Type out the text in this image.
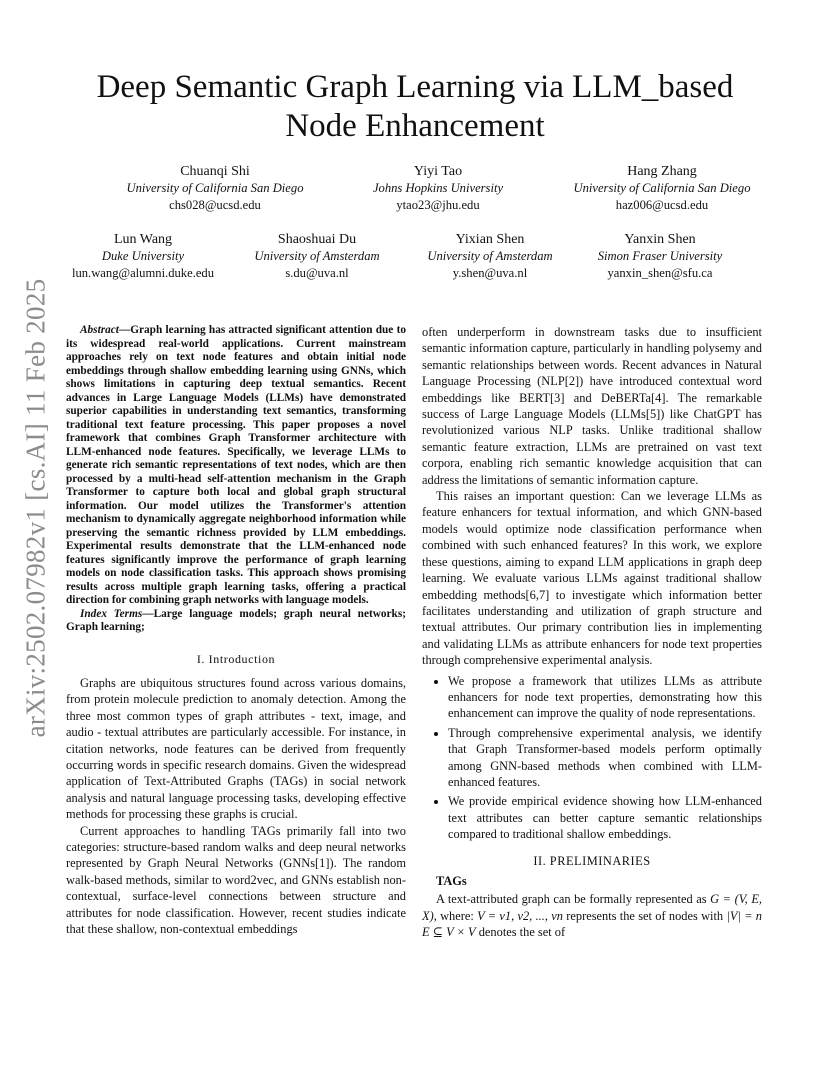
arXiv:2502.07982v1 [cs.AI] 11 Feb 2025
Deep Semantic Graph Learning via LLM_based
Node Enhancement
Chuanqi Shi
University of California San Diego
chs028@ucsd.edu
Yiyi Tao
Johns Hopkins University
ytao23@jhu.edu
Hang Zhang
University of California San Diego
haz006@ucsd.edu
Lun Wang
Duke University
lun.wang@alumni.duke.edu
Shaoshuai Du
University of Amsterdam
s.du@uva.nl
Yixian Shen
University of Amsterdam
y.shen@uva.nl
Yanxin Shen
Simon Fraser University
yanxin_shen@sfu.ca

Abstract—Graph learning has attracted significant attention due to its widespread real-world applications. Current mainstream approaches rely on text node features and obtain initial node embeddings through shallow embedding learning using GNNs, which shows limitations in capturing deep textual semantics. Recent advances in Large Language Models (LLMs) have demonstrated superior capabilities in understanding text semantics, transforming traditional text feature processing. This paper proposes a novel framework that combines Graph Transformer architecture with LLM-enhanced node features. Specifically, we leverage LLMs to generate rich semantic representations of text nodes, which are then processed by a multi-head self-attention mechanism in the Graph Transformer to capture both local and global graph structural information. Our model utilizes the Transformer's attention mechanism to dynamically aggregate neighborhood information while preserving the semantic richness provided by LLM embeddings. Experimental results demonstrate that the LLM-enhanced node features significantly improve the performance of graph learning models on node classification tasks. This approach shows promising results across multiple graph learning tasks, offering a practical direction for combining graph networks with language models.

Index Terms—Large language models; graph neural networks; Graph learning;

I. Introduction

Graphs are ubiquitous structures found across various domains, from protein molecule prediction to anomaly detection. Among the three most common types of graph attributes - text, image, and audio - textual attributes are particularly accessible. For instance, in citation networks, node features can be derived from frequently occurring words in specific research domains. Given the widespread application of Text-Attributed Graphs (TAGs) in social network analysis and natural language processing tasks, developing effective methods for processing these graphs is crucial.

Current approaches to handling TAGs primarily fall into two categories: structure-based random walks and deep neural networks represented by Graph Neural Networks (GNNs[1]). The random walk-based methods, similar to word2vec, and GNNs establish non-contextual, surface-level connections between structure and attributes for node classification. However, recent studies indicate that these shallow, non-contextual embeddings

often underperform in downstream tasks due to insufficient semantic information capture, particularly in handling polysemy and semantic relationships between words. Recent advances in Natural Language Processing (NLP[2]) have introduced contextual word embeddings like BERT[3] and DeBERTa[4]. The remarkable success of Large Language Models (LLMs[5]) like ChatGPT has revolutionized various NLP tasks. Unlike traditional shallow semantic feature extraction, LLMs are pretrained on vast text corpora, enabling rich semantic knowledge acquisition that can address the limitations of semantic information capture.

This raises an important question: Can we leverage LLMs as feature enhancers for textual information, and which GNN-based models would optimize node classification performance when combined with such enhanced features? In this work, we explore these questions, aiming to expand LLM applications in graph deep learning. We evaluate various LLMs against traditional shallow embedding methods[6,7] to investigate which information better facilitates understanding and utilization of graph structure and textual attributes. Our primary contribution lies in implementing and validating LLMs as attribute enhancers for node text properties through comprehensive experimental analysis.

• We propose a framework that utilizes LLMs as attribute enhancers for node text properties, demonstrating how this enhancement can improve the quality of node representations.
• Through comprehensive experimental analysis, we identify that Graph Transformer-based models perform optimally among GNN-based methods when combined with LLM-enhanced features.
• We provide empirical evidence showing how LLM-enhanced text attributes can better capture semantic relationships compared to traditional shallow embeddings.
II. PRELIMINARIES
TAGs

A text-attributed graph can be formally represented as G = (V, E, X), where: V = v1, v2, ..., vn represents the set of nodes with |V| = n E ⊆ V × V denotes the set of
